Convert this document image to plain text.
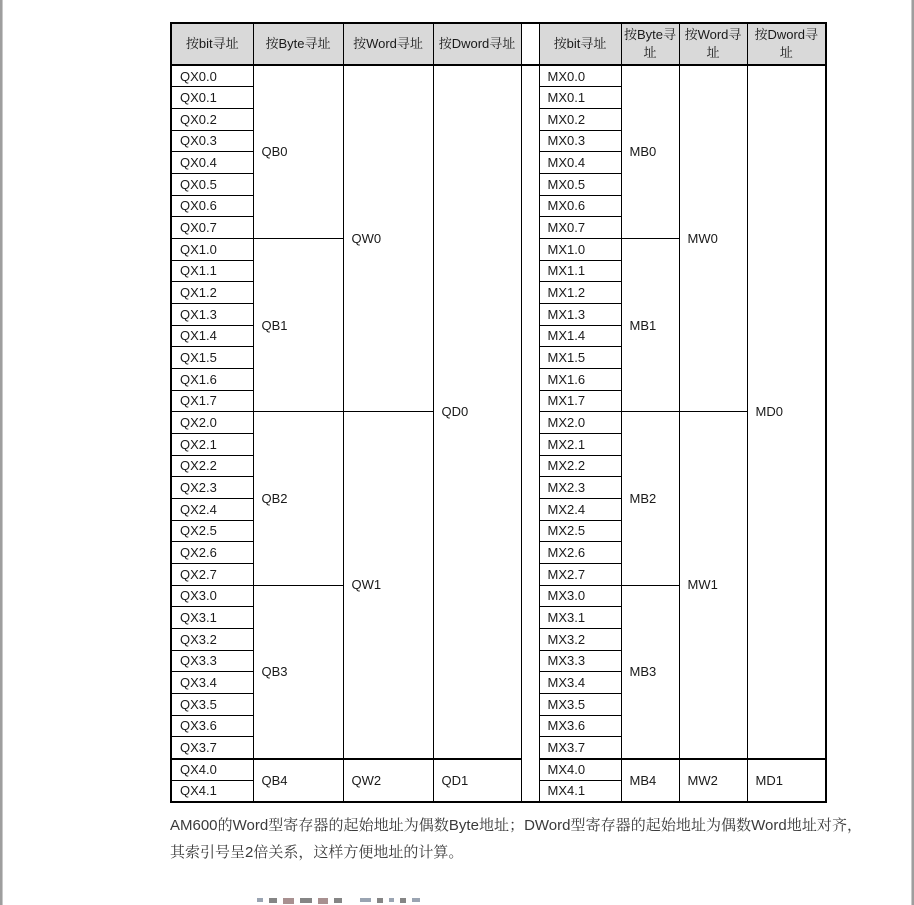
按bit寻址	按Byte寻址	按Word寻址	按Dword寻址		按bit寻址	按Byte寻址	按Word寻址	按Dword寻址
QX0.0	QB0	QW0	QD0		MX0.0	MB0	MW0	MD0
QX0.1					MX0.1			
QX0.2					MX0.2			
QX0.3					MX0.3			
QX0.4					MX0.4			
QX0.5					MX0.5			
QX0.6					MX0.6			
QX0.7					MX0.7			
QX1.0	QB1				MX1.0	MB1		
QX1.1					MX1.1			
QX1.2					MX1.2			
QX1.3					MX1.3			
QX1.4					MX1.4			
QX1.5					MX1.5			
QX1.6					MX1.6			
QX1.7					MX1.7			
QX2.0	QB2	QW1			MX2.0	MB2	MW1	
QX2.1					MX2.1			
QX2.2					MX2.2			
QX2.3					MX2.3			
QX2.4					MX2.4			
QX2.5					MX2.5			
QX2.6					MX2.6			
QX2.7					MX2.7			
QX3.0	QB3				MX3.0	MB3		
QX3.1					MX3.1			
QX3.2					MX3.2			
QX3.3					MX3.3			
QX3.4					MX3.4			
QX3.5					MX3.5			
QX3.6					MX3.6			
QX3.7					MX3.7			
QX4.0	QB4	QW2	QD1		MX4.0	MB4	MW2	MD1
QX4.1					MX4.1			

AM600的Word型寄存器的起始地址为偶数Byte地址；DWord型寄存器的起始地址为偶数Word地址对齐，其索引号呈2倍关系，这样方便地址的计算。
